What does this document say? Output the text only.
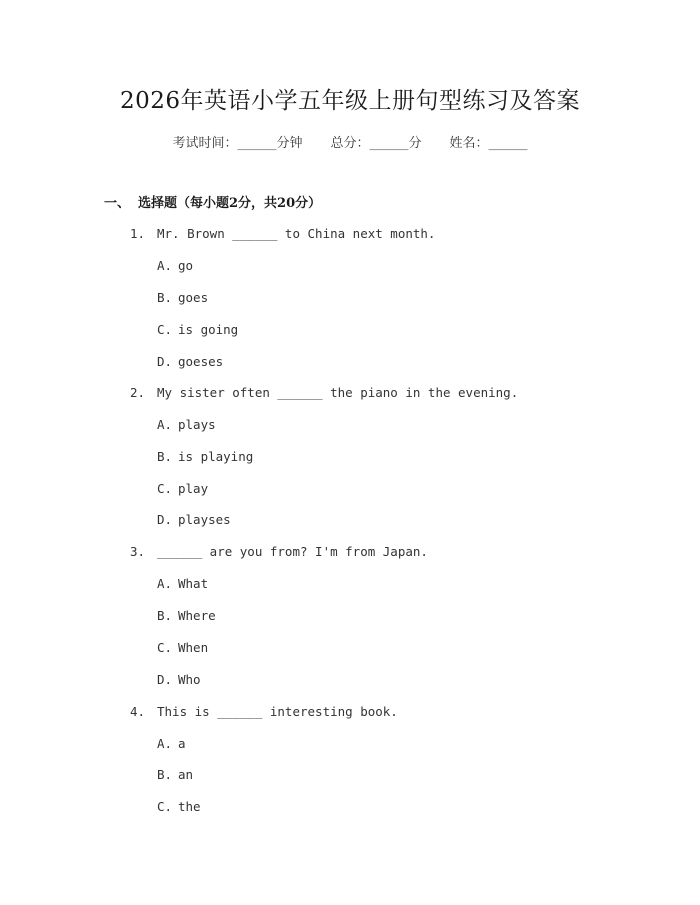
2026年英语小学五年级上册句型练习及答案
考试时间：______分钟 总分：______分 姓名：______
一、 选择题（每小题2分，共20分）
1. Mr. Brown ______ to China next month.
A. go
B. goes
C. is going
D. goeses
2. My sister often ______ the piano in the evening.
A. plays
B. is playing
C. play
D. playses
3. ______ are you from? I'm from Japan.
A. What
B. Where
C. When
D. Who
4. This is ______ interesting book.
A. a
B. an
C. the
